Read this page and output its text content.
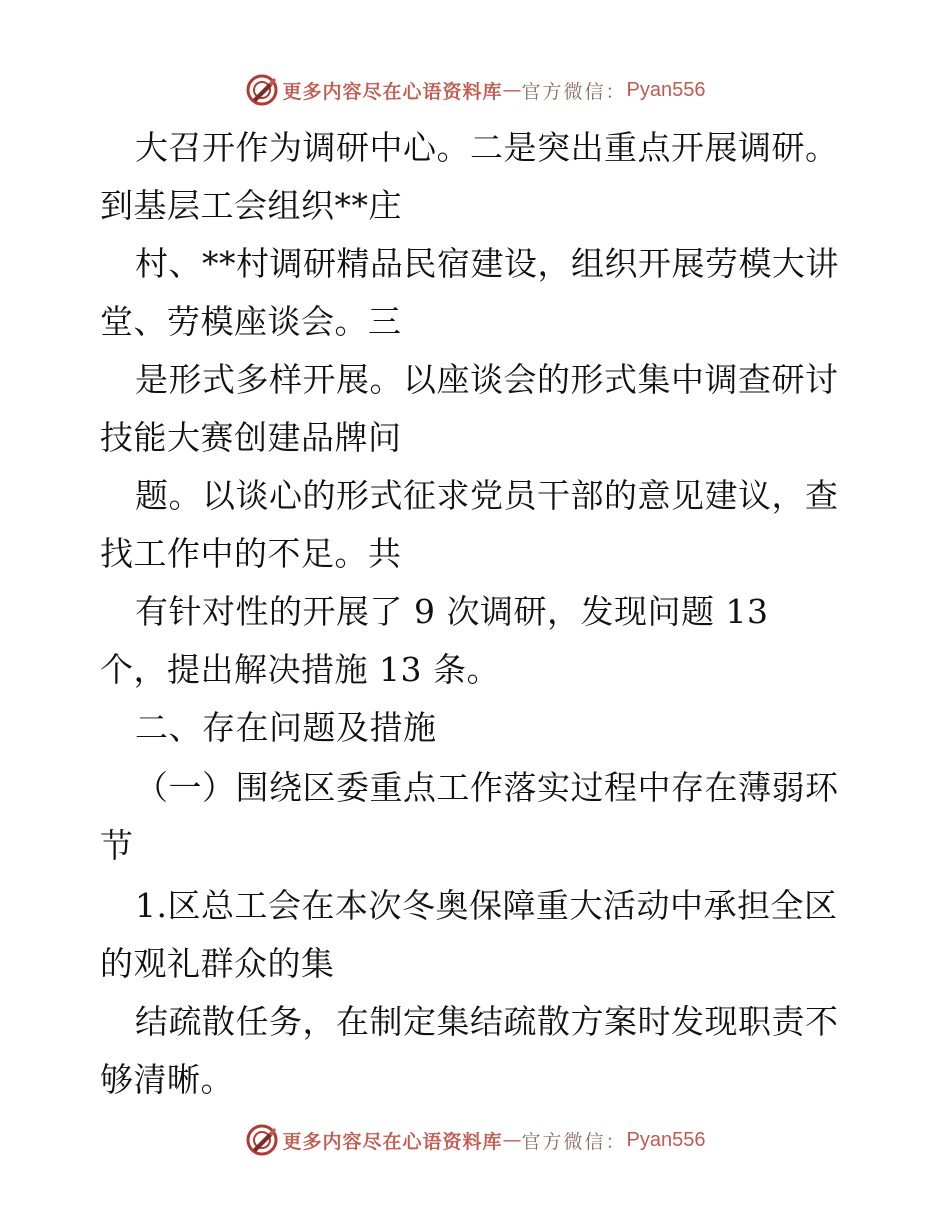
更多内容尽在心语资料库 — 官方微信： Pyan556
大召开作为调研中心。二是突出重点开展调研。
到基层工会组织**庄
村、**村调研精品民宿建设，组织开展劳模大讲
堂、劳模座谈会。三
是形式多样开展。以座谈会的形式集中调查研讨
技能大赛创建品牌问
题。以谈心的形式征求党员干部的意见建议，查
找工作中的不足。共
有针对性的开展了 9 次调研，发现问题 13
个，提出解决措施 13 条。
二、存在问题及措施
（一）围绕区委重点工作落实过程中存在薄弱环
节
1.区总工会在本次冬奥保障重大活动中承担全区
的观礼群众的集
结疏散任务，在制定集结疏散方案时发现职责不
够清晰。
更多内容尽在心语资料库 — 官方微信： Pyan556
